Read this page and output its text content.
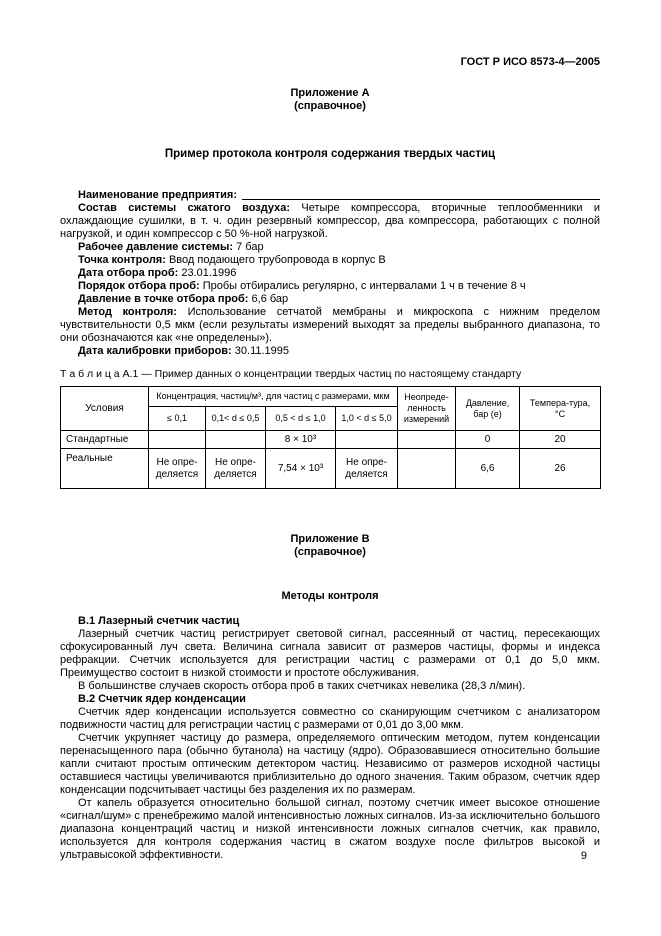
ГОСТ Р ИСО 8573-4—2005
Приложение А
(справочное)
Пример протокола контроля содержания твердых частиц

Наименование предприятия:

Состав системы сжатого воздуха: Четыре компрессора, вторичные теплообменники и охлаждающие сушилки, в т. ч. один резервный компрессор, два компрессора, работающих с полной нагрузкой, и один компрессор с 50 %-ной нагрузкой.

Рабочее давление системы: 7 бар

Точка контроля: Ввод подающего трубопровода в корпус В

Дата отбора проб: 23.01.1996

Порядок отбора проб: Пробы отбирались регулярно, с интервалами 1 ч в течение 8 ч

Давление в точке отбора проб: 6,6 бар

Метод контроля: Использование сетчатой мембраны и микроскопа с нижним пределом чувствительности 0,5 мкм (если результаты измерений выходят за пределы выбранного диапазона, то они обозначаются как «не определены»).

Дата калибровки приборов: 30.11.1995

Т а б л и ц а А.1 — Пример данных о концентрации твердых частиц по настоящему стандарту

Условия	Концентрация, частиц/м³, для частиц с размерами, мкм				Неопреде-ленность измерений	Давление, бар (е)	Темпера-тура, °С
	≤ 0,1	0,1< d ≤ 0,5	0,5 < d ≤ 1,0	1,0 < d ≤ 5,0			
Стандартные			8 × 10³			0	20
Реальные	Не опре-деляется	Не опре-деляется	7,54 × 10³	Не опре-деляется		6,6	26
Приложение В
(справочное)
Методы контроля

В.1 Лазерный счетчик частиц

Лазерный счетчик частиц регистрирует световой сигнал, рассеянный от частиц, пересекающих сфокусированный луч света. Величина сигнала зависит от размеров частицы, формы и индекса рефракции. Счетчик используется для регистрации частиц с размерами от 0,1 до 5,0 мкм. Преимущество состоит в низкой стоимости и простоте обслуживания.

В большинстве случаев скорость отбора проб в таких счетчиках невелика (28,3 л/мин).

В.2 Счетчик ядер конденсации

Счетчик ядер конденсации используется совместно со сканирующим счетчиком с анализатором подвижности частиц для регистрации частиц с размерами от 0,01 до 3,00 мкм.

Счетчик укрупняет частицу до размера, определяемого оптическим методом, путем конденсации перенасыщенного пара (обычно бутанола) на частицу (ядро). Образовавшиеся относительно большие капли считают простым оптическим детектором частиц. Независимо от размеров исходной частицы оставшиеся частицы увеличиваются приблизительно до одного значения. Таким образом, счетчик ядер конденсации подсчитывает частицы без разделения их по размерам.

От капель образуется относительно большой сигнал, поэтому счетчик имеет высокое отношение «сигнал/шум» с пренебрежимо малой интенсивностью ложных сигналов. Из-за исключительно большого диапазона концентраций частиц и низкой интенсивности ложных сигналов счетчик, как правило, используется для контроля содержания частиц в сжатом воздухе после фильтров высокой и ультравысокой эффективности.	9
